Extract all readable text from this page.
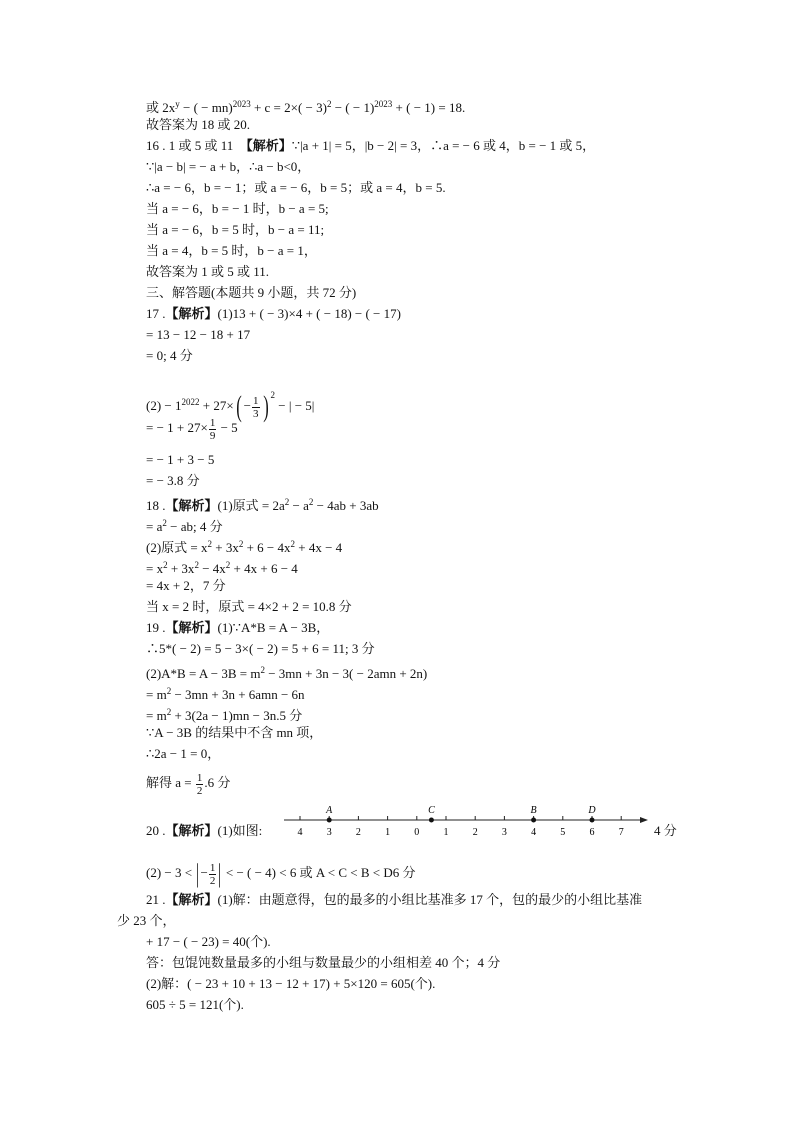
或 $2x^y$ − ( − $mn)^{2023} + c = 2\times( - 3)^2$ − ( − 1)$^{2023}$ + ( − 1) = 18.
故答案为 18 或 20.
16 . 1 或 5 或 11　【解析】∵|a + 1| = 5，|b − 2| = 3，∴a = − 6 或 4，b = − 1 或 5，
∵|a − b| = − a + b，∴a − b<0，
∴a = − 6，b = − 1；或 a = − 6，b = 5；或 a = 4，b = 5.
当 a = − 6，b = − 1 时，b − a = 5;
当 a = − 6，b = 5 时，b − a = 11;
当 a = 4，b = 5 时，b − a = 1，
故答案为 1 或 5 或 11.
三、解答题(本题共 9 小题，共 72 分)
17 .【解析】(1)13 + ( − 3)×4 + ( − 18) − ( − 17)
= 13 − 12 − 18 + 17
= 0; 4 分
$(2) - 1^{2022} + 27\times( - \frac{1}{3}$ ) $^2$ − | − 5|
= − $1 + 27\times \frac{1}{9} - 5$
= − 1 + 3 − 5
= − 3.8 分
18 .【解析】(1)原式 = $2a^2 - a^2 - 4ab + 3ab$
= $a^2$ − ab; 4 分
(2)原式 = $x^2 + 3x^2 + 6 - 4x^2 + 4x - 4$
= $x^2 + 3x^2 - 4x^2 + 4x + 6 - 4$
= 4x + 2，7 分
当 x = 2 时，原式 = 4×2 + 2 = 10.8 分
19 .【解析】(1)∵A*B = A − 3B，
∴5*( − 2) = 5 − 3×( − 2) = 5 + 6 = 11; 3 分
$(2)A*B = A - 3B = m^2 - 3mn + 3n - 3( - 2amn + 2n)$
= $m^2 - 3mn + 3n + 6amn - 6n$
= $m^2 + 3(2a - 1)mn - 3n.5$ 分
∵A − 3B 的结果中不含 mn 项，
∴2a − 1 = 0，
解得 $a = \frac{1}{2} .6$ 分
20 .【解析】(1)如图:	4 3 2 1 0 1 2 3 4 5 6 7
A	C	B	D
4 分
(2) − 3 < |− $\frac{1}{2}$ | < − ( − 4) < 6 或 A < C < B < D6 分
21 .【解析】(1)解：由题意得，包的最多的小组比基准多 17 个，包的最少的小组比基准
少 23 个，
+ 17 − ( − 23) = 40(个).
答：包馄饨数量最多的小组与数量最少的小组相差 40 个；4 分
(2)解：( − 23 + 10 + 13 − 12 + 17) + 5×120 = 605(个).
605 ÷ 5 = 121(个).
